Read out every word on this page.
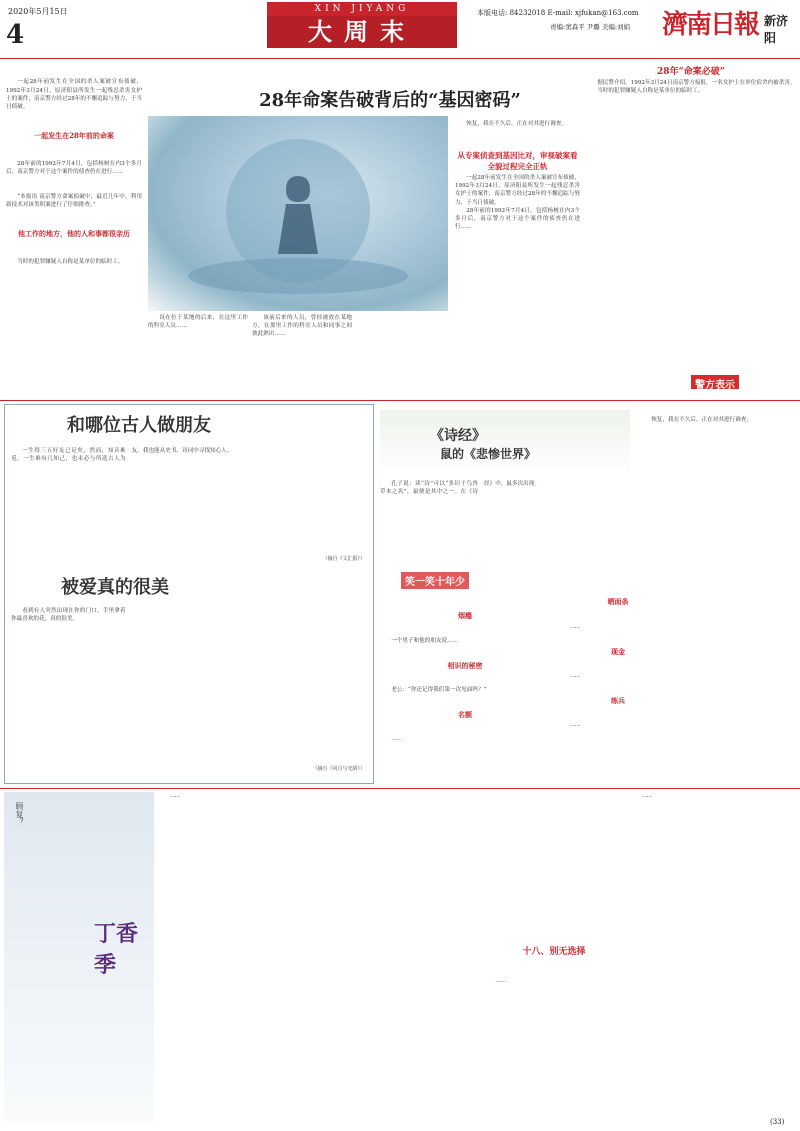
4
2020年5月15日	XIN JIYANG
大周末
本版电话: 84232018 E-mail: xjfukan@163.com
责编:窦森平 尹璐 美编:刘娟 濟南日報 新济阳
28年命案告破背后的“基因密码”

一起28年前发生在全国的杀人案被宣布侦破，1992年3月24日，原济阳县所发生一起残忍杀害女护士的案件，南京警方经过28年的不懈追踪与努力，于当日侦破。

一起发生在28年前的命案

28年前的1992年7月4日，包括杨树在内3个多月后，南京警方对于这个案件的侦查仍在进行……

“本报讯 南京警方命案侦破中，最近几年中，利用新技术对该类积案进行了仔细排查。”

他工作的地方，他的人和事都很亲历

当时的犯罪嫌疑人自称是某单位的临时工。

设在位于某地的后来，在这里工作的科室人员……

该前后来的人员，曾经被放在某地方，在那里工作的科室人员和同事之间彼此熟识……

恢复，我在不久后，正在对其进行调查。

从专案侦查到基因比对，审视破案看全貌过程完全正轨

一起28年前发生在全国的杀人案被宣布侦破，1992年3月24日，原济阳县所发生一起残忍杀害女护士的案件，南京警方经过28年的不懈追踪与努力，于当日侦破。

28年前的1992年7月4日，包括杨树在内3个多月后，南京警方对于这个案件的侦查仍在进行……

28年“命案必破”

据民警介绍，1992年3月24日南京警方接报，一名女护士在单位宿舍内被杀害。

当时的犯罪嫌疑人自称是某单位的临时工。

警方表示
和哪位古人做朋友

一生得三五好友已足矣，然而，知音难觅，一生难有几知己，也未必与所选古人为友，我也能从史书、诗词中寻找知心人。

（摘自《文汇报》）
被爱真的很美

看到有人突然出现在你的门口，手里拿着你最喜欢的花，真的很美。

（摘自《风月与光阴》）
《诗经》
鼠的《悲惨世界》

孔子说：读“诗”可以“多识于鸟兽草木之名”，鼠便是其中之一。在《诗经》中，鼠多次出现。

笑一笑十年少

烟瘾

一个男子和他的朋友说……

相识的秘密

老公：“你还记得我们第一次见面吗？”

名额

……

晒面条

……

现金

……

练兵

……

恢复，我在不久后，正在对其进行调查。

丁香季
顾复？

……

十八、别无选择

……

……

(33)
